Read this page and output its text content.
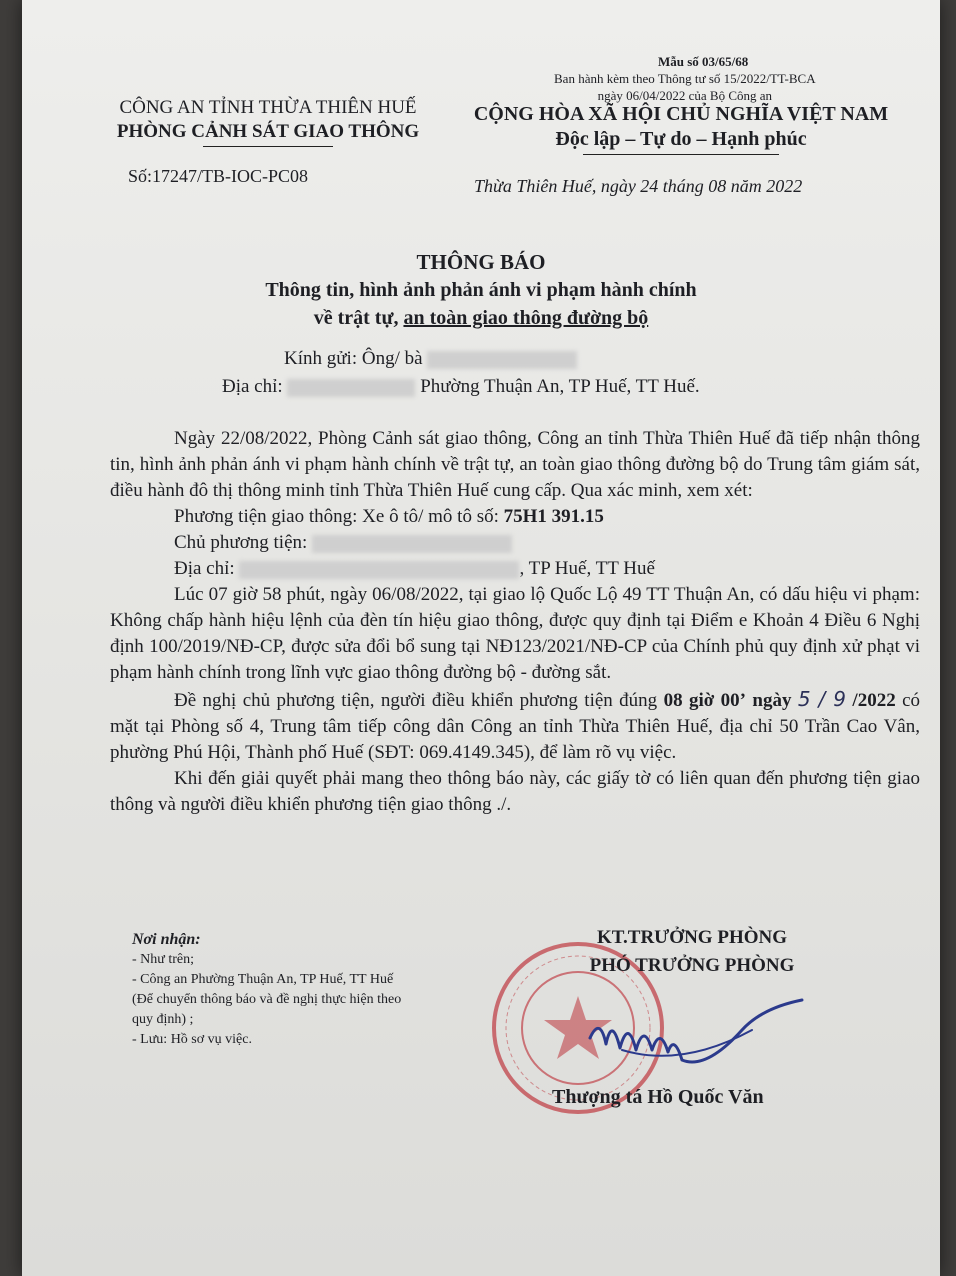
Mẫu số 03/65/68
Ban hành kèm theo Thông tư số 15/2022/TT-BCA
ngày 06/04/2022 của Bộ Công an
CÔNG AN TỈNH THỪA THIÊN HUẾ
PHÒNG CẢNH SÁT GIAO THÔNG
CỘNG HÒA XÃ HỘI CHỦ NGHĨA VIỆT NAM
Độc lập – Tự do – Hạnh phúc
Số:17247/TB-IOC-PC08	Thừa Thiên Huế, ngày 24 tháng 08 năm 2022
THÔNG BÁO
Thông tin, hình ảnh phản ánh vi phạm hành chính
về trật tự, an toàn giao thông đường bộ
Kính gửi: Ông/ bà
Địa chỉ:	Phường Thuận An, TP Huế, TT Huế.

Ngày 22/08/2022, Phòng Cảnh sát giao thông, Công an tỉnh Thừa Thiên Huế đã tiếp nhận thông tin, hình ảnh phản ánh vi phạm hành chính về trật tự, an toàn giao thông đường bộ do Trung tâm giám sát, điều hành đô thị thông minh tỉnh Thừa Thiên Huế cung cấp. Qua xác minh, xem xét:

Phương tiện giao thông: Xe ô tô/ mô tô số: 75H1 391.15

Chủ phương tiện:

Địa chỉ:	, TP Huế, TT Huế

Lúc 07 giờ 58 phút, ngày 06/08/2022, tại giao lộ Quốc Lộ 49 TT Thuận An, có dấu hiệu vi phạm: Không chấp hành hiệu lệnh của đèn tín hiệu giao thông, được quy định tại Điểm e Khoản 4 Điều 6 Nghị định 100/2019/NĐ-CP, được sửa đổi bổ sung tại NĐ123/2021/NĐ-CP của Chính phủ quy định xử phạt vi phạm hành chính trong lĩnh vực giao thông đường bộ - đường sắt.

Đề nghị chủ phương tiện, người điều khiển phương tiện đúng 08 giờ 00’ ngày 5 / 9 /2022 có mặt tại Phòng số 4, Trung tâm tiếp công dân Công an tỉnh Thừa Thiên Huế, địa chỉ 50 Trần Cao Vân, phường Phú Hội, Thành phố Huế (SĐT: 069.4149.345), để làm rõ vụ việc.

Khi đến giải quyết phải mang theo thông báo này, các giấy tờ có liên quan đến phương tiện giao thông và người điều khiển phương tiện giao thông ./.

Nơi nhận:
- Như trên;
- Công an Phường Thuận An, TP Huế, TT Huế
(Để chuyển thông báo và đề nghị thực hiện theo
quy định) ;
- Lưu: Hồ sơ vụ việc.
KT.TRƯỞNG PHÒNG
PHÓ TRƯỞNG PHÒNG
Thượng tá Hồ Quốc Văn
